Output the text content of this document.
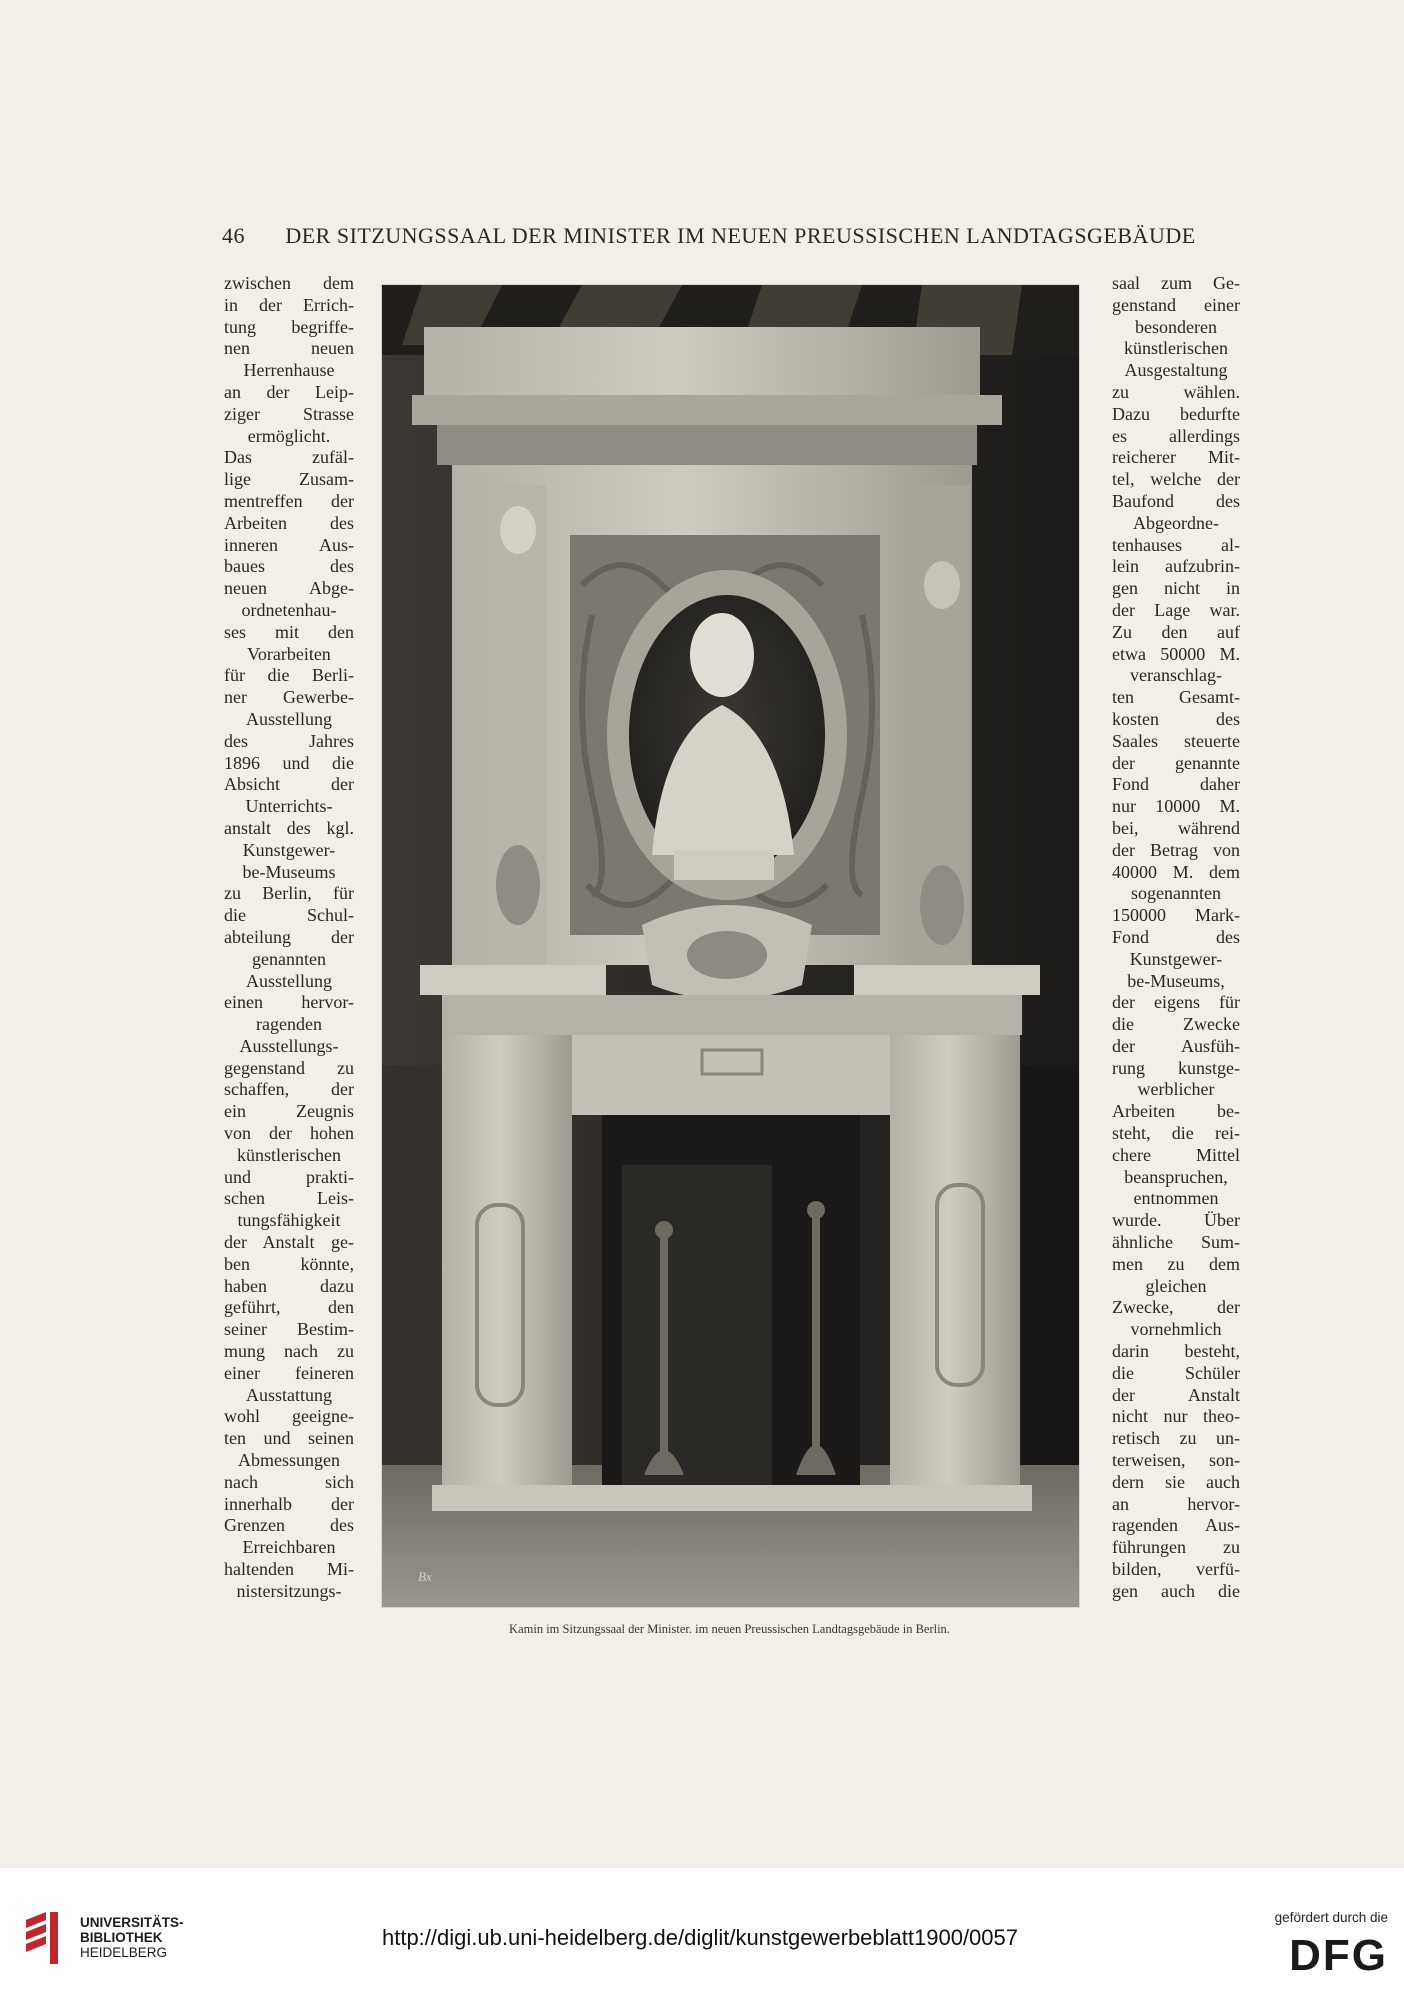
46	DER SITZUNGSSAAL DER MINISTER IM NEUEN PREUSSISCHEN LANDTAGSGEBÄUDE
zwischen dem
in der Errich-
tung begriffe-
nen neuen
Herrenhause
an der Leip-
ziger Strasse
ermöglicht.
Das zufäl-
lige Zusam-
mentreffen der
Arbeiten des
inneren Aus-
baues des
neuen Abge-
ordnetenhau-
ses mit den
Vorarbeiten
für die Berli-
ner Gewerbe-
Ausstellung
des Jahres
1896 und die
Absicht der
Unterrichts-
anstalt des kgl.
Kunstgewer-
be-Museums
zu Berlin, für
die Schul-
abteilung der
genannten
Ausstellung
einen hervor-
ragenden
Ausstellungs-
gegenstand zu
schaffen, der
ein Zeugnis
von der hohen
künstlerischen
und prakti-
schen Leis-
tungsfähigkeit
der Anstalt ge-
ben könnte,
haben dazu
geführt, den
seiner Bestim-
mung nach zu
einer feineren
Ausstattung
wohl geeigne-
ten und seinen
Abmessungen
nach sich
innerhalb der
Grenzen des
Erreichbaren
haltenden Mi-
nistersitzungs-
saal zum Ge-
genstand einer
besonderen
künstlerischen
Ausgestaltung
zu wählen.
Dazu bedurfte
es allerdings
reicherer Mit-
tel, welche der
Baufond des
Abgeordne-
tenhauses al-
lein aufzubrin-
gen nicht in
der Lage war.
Zu den auf
etwa 50000 M.
veranschlag-
ten Gesamt-
kosten des
Saales steuerte
der genannte
Fond daher
nur 10000 M.
bei, während
der Betrag von
40000 M. dem
sogenannten
150000 Mark-
Fond des
Kunstgewer-
be-Museums,
der eigens für
die Zwecke
der Ausfüh-
rung kunstge-
werblicher
Arbeiten be-
steht, die rei-
chere Mittel
beanspruchen,
entnommen
wurde. Über
ähnliche Sum-
men zu dem
gleichen
Zwecke, der
vornehmlich
darin besteht,
die Schüler
der Anstalt
nicht nur theo-
retisch zu un-
terweisen, son-
dern sie auch
an hervor-
ragenden Aus-
führungen zu
bilden, verfü-
gen auch die
Bx
Kamin im Sitzungssaal der Minister. im neuen Preussischen Landtagsgebäude in Berlin.
UNIVERSITÄTS-
BIBLIOTHEK
HEIDELBERG
http://digi.ub.uni-heidelberg.de/diglit/kunstgewerbeblatt1900/0057
gefördert durch die
DFG
